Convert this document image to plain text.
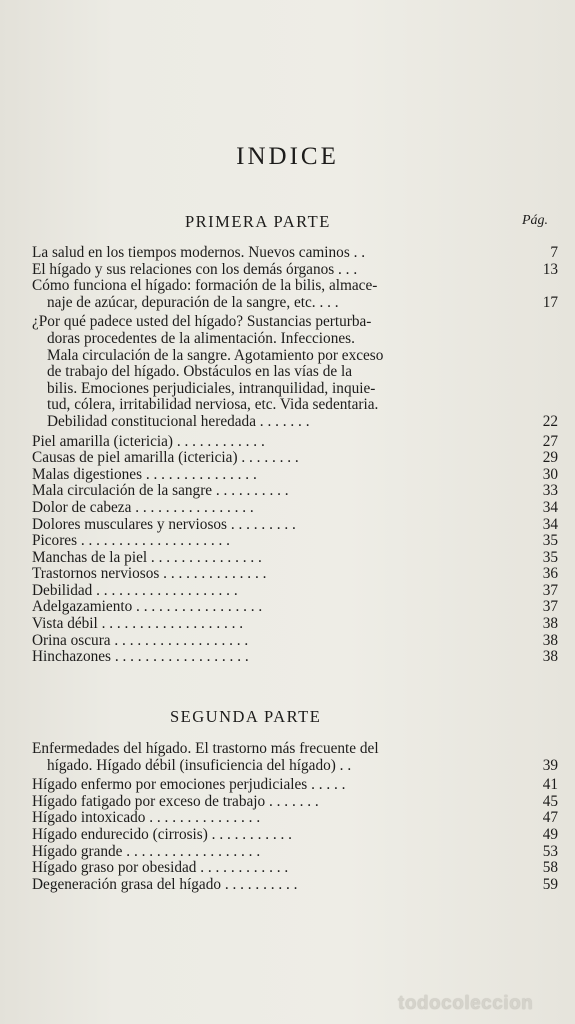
INDICE
PRIMERA PARTE	Pág.
La salud en los tiempos modernos. Nuevos caminos . .	7
El hígado y sus relaciones con los demás órganos . . .	13
Cómo funciona el hígado: formación de la bilis, almace-
naje de azúcar, depuración de la sangre, etc. . . .	17
¿Por qué padece usted del hígado? Sustancias perturba-
doras procedentes de la alimentación. Infecciones.
Mala circulación de la sangre. Agotamiento por exceso
de trabajo del hígado. Obstáculos en las vías de la
bilis. Emociones perjudiciales, intranquilidad, inquie-
tud, cólera, irritabilidad nerviosa, etc. Vida sedentaria.
Debilidad constitucional heredada . . . . . . .	22
Piel amarilla (ictericia) . . . . . . . . . . . .	27
Causas de piel amarilla (ictericia) . . . . . . . .	29
Malas digestiones . . . . . . . . . . . . . . .	30
Mala circulación de la sangre . . . . . . . . . .	33
Dolor de cabeza . . . . . . . . . . . . . . . .	34
Dolores musculares y nerviosos . . . . . . . . .	34
Picores . . . . . . . . . . . . . . . . . . . .	35
Manchas de la piel . . . . . . . . . . . . . . .	35
Trastornos nerviosos . . . . . . . . . . . . . .	36
Debilidad . . . . . . . . . . . . . . . . . . .	37
Adelgazamiento . . . . . . . . . . . . . . . . .	37
Vista débil . . . . . . . . . . . . . . . . . . .	38
Orina oscura . . . . . . . . . . . . . . . . . .	38
Hinchazones . . . . . . . . . . . . . . . . . .	38
SEGUNDA PARTE
Enfermedades del hígado. El trastorno más frecuente del
hígado. Hígado débil (insuficiencia del hígado) . .	39
Hígado enfermo por emociones perjudiciales . . . . .	41
Hígado fatigado por exceso de trabajo . . . . . . .	45
Hígado intoxicado . . . . . . . . . . . . . . .	47
Hígado endurecido (cirrosis) . . . . . . . . . . .	49
Hígado grande . . . . . . . . . . . . . . . . . .	53
Hígado graso por obesidad . . . . . . . . . . . .	58
Degeneración grasa del hígado . . . . . . . . . .	59
todocoleccion
